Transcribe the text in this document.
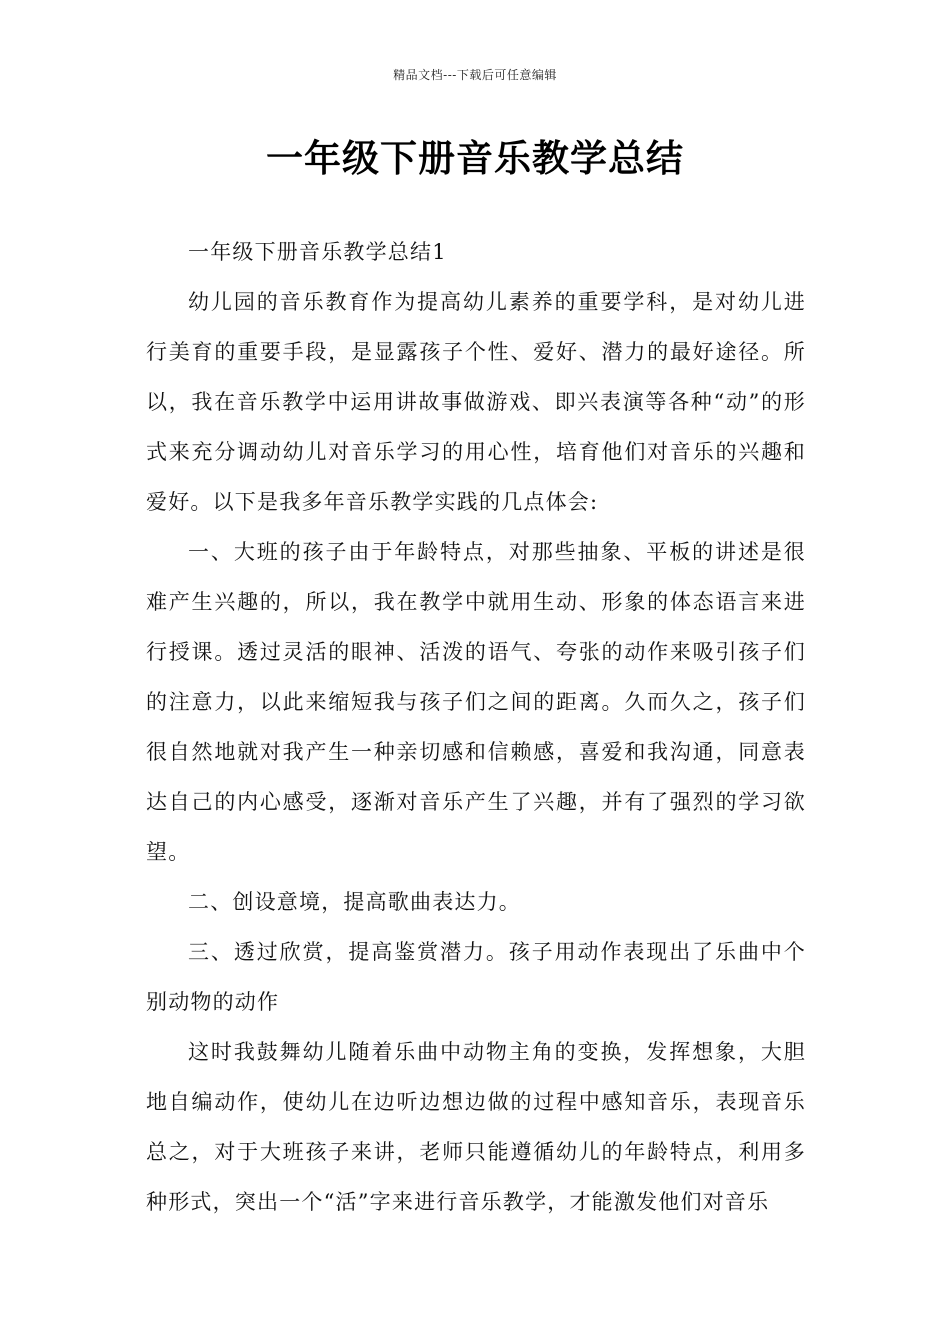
精品文档---下载后可任意编辑
一年级下册音乐教学总结

一年级下册音乐教学总结1

幼儿园的音乐教育作为提高幼儿素养的重要学科，是对幼儿进行美育的重要手段，是显露孩子个性、爱好、潜力的最好途径。所以，我在音乐教学中运用讲故事做游戏、即兴表演等各种“动”的形式来充分调动幼儿对音乐学习的用心性，培育他们对音乐的兴趣和爱好。以下是我多年音乐教学实践的几点体会:

一、大班的孩子由于年龄特点，对那些抽象、平板的讲述是很难产生兴趣的，所以，我在教学中就用生动、形象的体态语言来进行授课。透过灵活的眼神、活泼的语气、夸张的动作来吸引孩子们的注意力，以此来缩短我与孩子们之间的距离。久而久之，孩子们很自然地就对我产生一种亲切感和信赖感，喜爱和我沟通，同意表达自己的内心感受，逐渐对音乐产生了兴趣，并有了强烈的学习欲望。

二、创设意境，提高歌曲表达力。

三、透过欣赏，提高鉴赏潜力。孩子用动作表现出了乐曲中个别动物的动作

这时我鼓舞幼儿随着乐曲中动物主角的变换，发挥想象，大胆地自编动作，使幼儿在边听边想边做的过程中感知音乐，表现音乐总之，对于大班孩子来讲，老师只能遵循幼儿的年龄特点，利用多种形式，突出一个“活”字来进行音乐教学，才能激发他们对音乐
